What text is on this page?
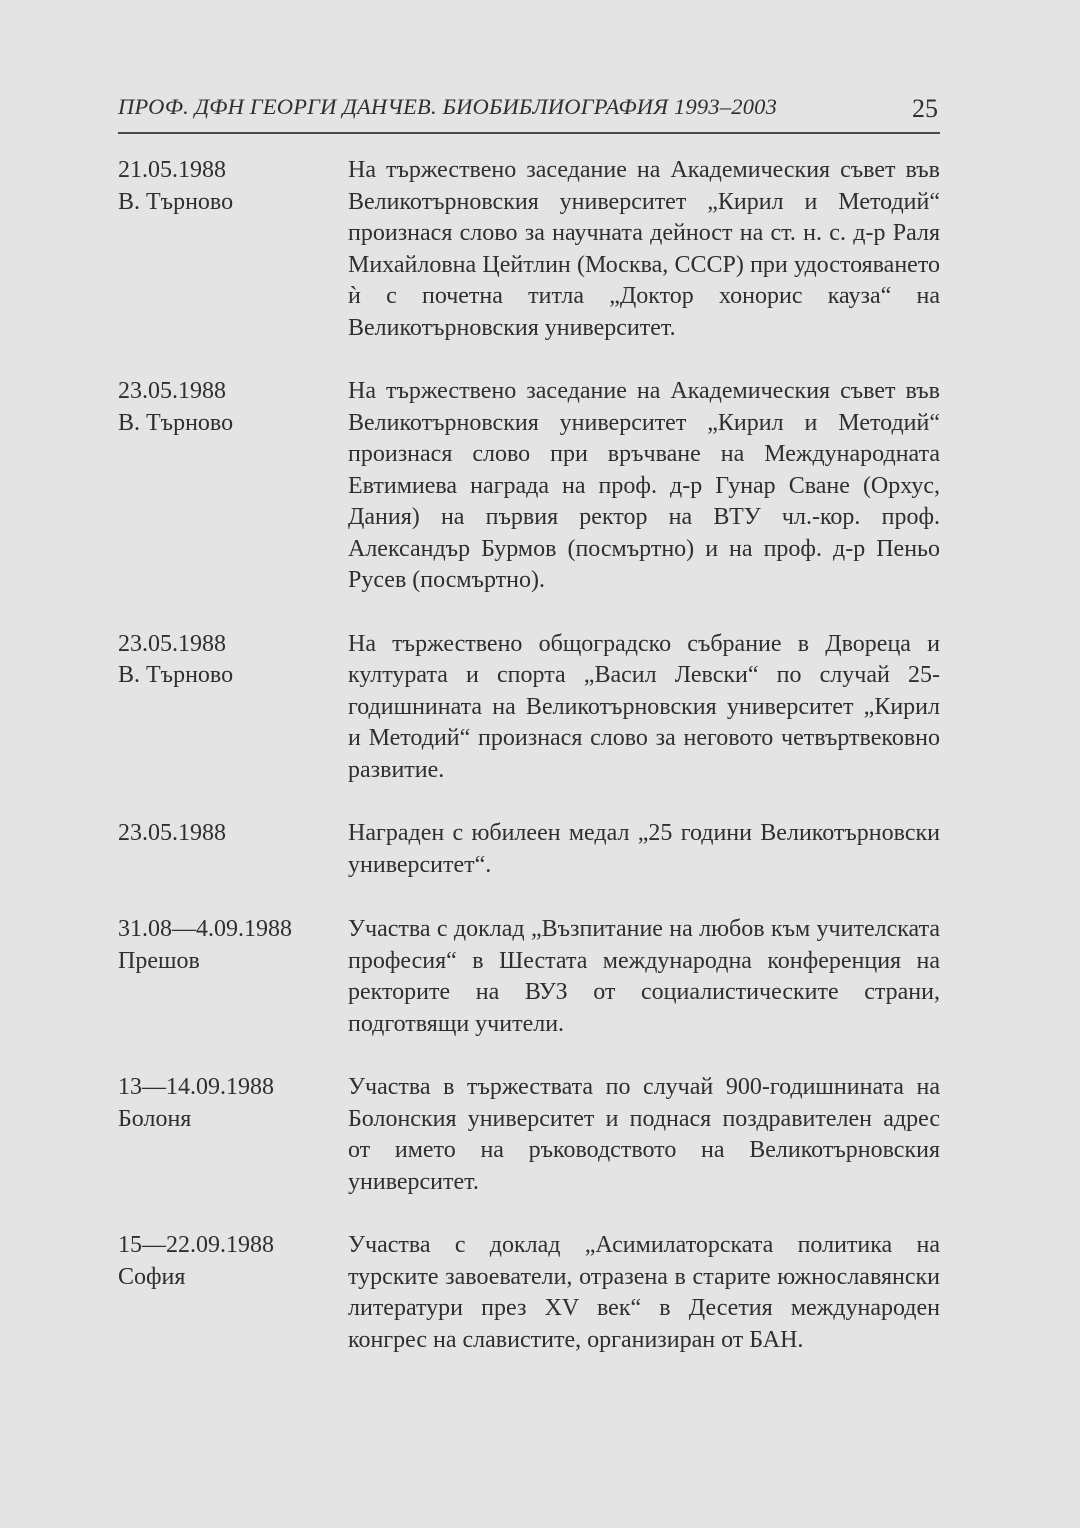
ПРОФ. ДФН ГЕОРГИ ДАНЧЕВ. БИОБИБЛИОГРАФИЯ 1993–2003	25
21.05.1988
В. Търново
На тържествено заседание на Академическия съвет във Великотърновския университет „Кирил и Методий“ произнася слово за научната дейност на ст. н. с. д-р Раля Михайловна Цейтлин (Москва, СССР) при удостояването ѝ с почетна титла „Доктор хонорис кауза“ на Великотърновския университет.
23.05.1988
В. Търново
На тържествено заседание на Академическия съвет във Великотърновския университет „Кирил и Методий“ произнася слово при връчване на Международната Евтимиева награда на проф. д-р Гунар Сване (Орхус, Дания) на първия ректор на ВТУ чл.-кор. проф. Александър Бурмов (посмъртно) и на проф. д-р Пеньо Русев (посмъртно).
23.05.1988
В. Търново
На тържествено общоградско събрание в Двореца и културата и спорта „Васил Левски“ по случай 25-годишнината на Великотърновския университет „Кирил и Методий“ произнася слово за неговото четвъртвековно развитие.
23.05.1988	Награден с юбилеен медал „25 години Великотърновски университет“.
31.08—4.09.1988
Прешов
Участва с доклад „Възпитание на любов към учителската професия“ в Шестата международна конференция на ректорите на ВУЗ от социалистическите страни, подготвящи учители.
13—14.09.1988
Болоня
Участва в тържествата по случай 900-годишнината на Болонския университет и поднася поздравителен адрес от името на ръководството на Великотърновския университет.
15—22.09.1988
София
Участва с доклад „Асимилаторската политика на турските завоеватели, отразена в старите южнославянски литератури през XV век“ в Десетия международен конгрес на славистите, организиран от БАН.
